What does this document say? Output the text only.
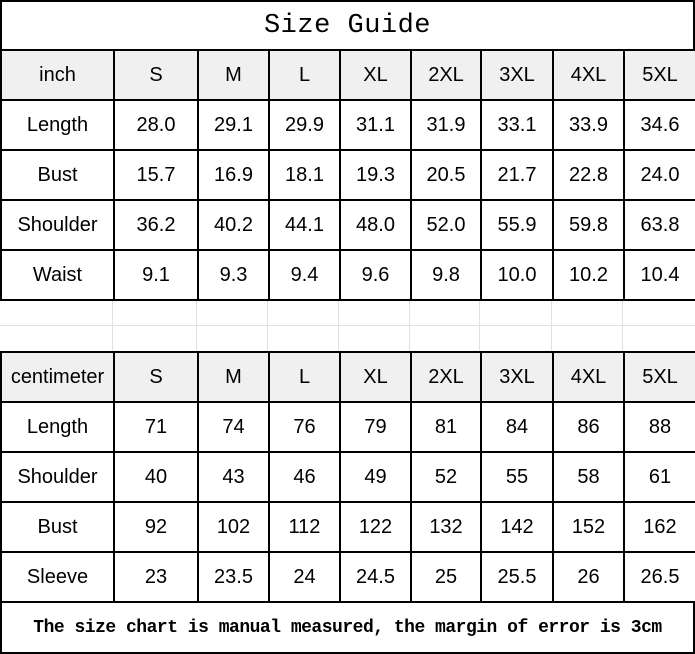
Size Guide
inch	S	M	L	XL	2XL	3XL	4XL	5XL
Length	28.0	29.1	29.9	31.1	31.9	33.1	33.9	34.6
Bust	15.7	16.9	18.1	19.3	20.5	21.7	22.8	24.0
Shoulder	36.2	40.2	44.1	48.0	52.0	55.9	59.8	63.8
Waist	9.1	9.3	9.4	9.6	9.8	10.0	10.2	10.4
centimeter	S	M	L	XL	2XL	3XL	4XL	5XL
Length	71	74	76	79	81	84	86	88
Shoulder	40	43	46	49	52	55	58	61
Bust	92	102	112	122	132	142	152	162
Sleeve	23	23.5	24	24.5	25	25.5	26	26.5
The size chart is manual measured, the margin of error is 3cm
